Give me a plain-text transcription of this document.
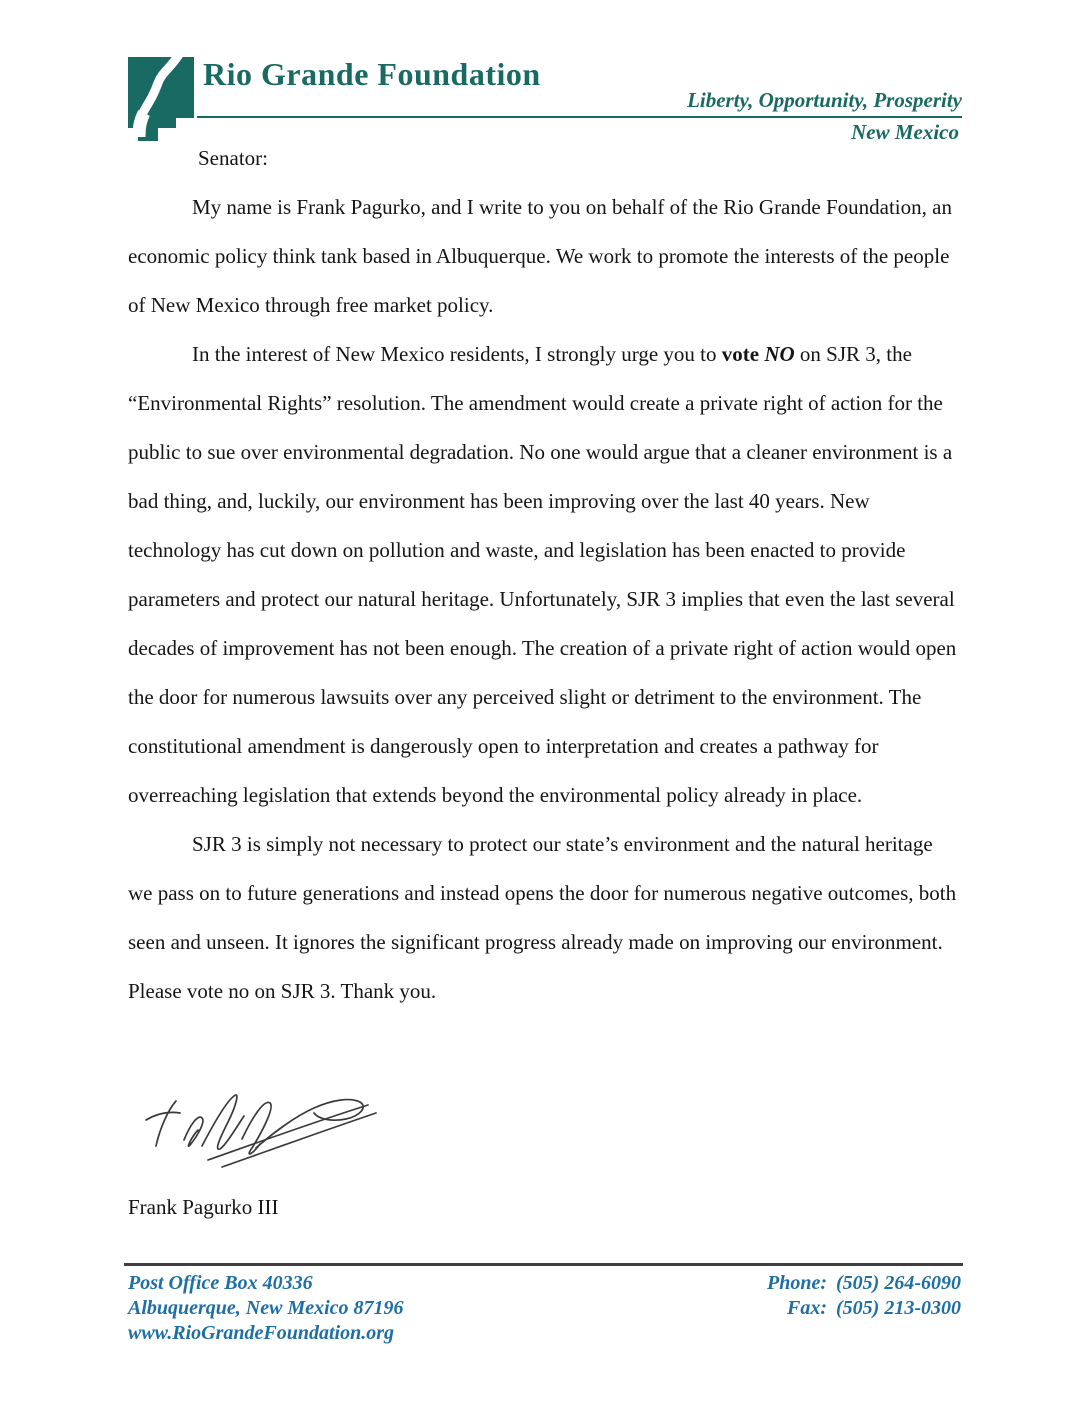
Rio Grande Foundation
Liberty, Opportunity, Prosperity
New Mexico

Senator:

My name is Frank Pagurko, and I write to you on behalf of the Rio Grande Foundation, an economic policy think tank based in Albuquerque. We work to promote the interests of the people of New Mexico through free market policy.

In the interest of New Mexico residents, I strongly urge you to vote NO on SJR 3, the “Environmental Rights” resolution. The amendment would create a private right of action for the public to sue over environmental degradation. No one would argue that a cleaner environment is a bad thing, and, luckily, our environment has been improving over the last 40 years. New technology has cut down on pollution and waste, and legislation has been enacted to provide parameters and protect our natural heritage. Unfortunately, SJR 3 implies that even the last several decades of improvement has not been enough. The creation of a private right of action would open the door for numerous lawsuits over any perceived slight or detriment to the environment. The constitutional amendment is dangerously open to interpretation and creates a pathway for overreaching legislation that extends beyond the environmental policy already in place.

SJR 3 is simply not necessary to protect our state’s environment and the natural heritage we pass on to future generations and instead opens the door for numerous negative outcomes, both seen and unseen. It ignores the significant progress already made on improving our environment. Please vote no on SJR 3. Thank you.

Frank Pagurko III
Post Office Box 40336
Albuquerque, New Mexico 87196
www.RioGrandeFoundation.org
Phone: (505) 264-6090
Fax: (505) 213-0300
